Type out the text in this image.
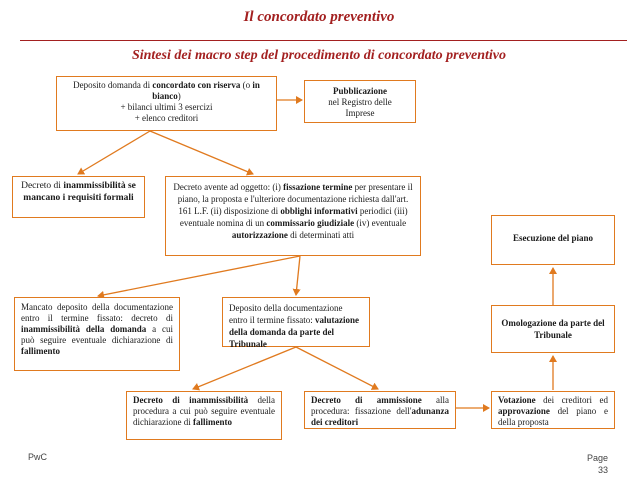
Il concordato preventivo
Sintesi dei macro step del procedimento di concordato preventivo
Deposito domanda di concordato con riserva (o in bianco)
+ bilanci ultimi 3 esercizi
+ elenco creditori
Pubblicazione
nel Registro delle
Imprese
Decreto di inammissibilità se mancano i requisiti formali
Decreto avente ad oggetto: (i) fissazione termine per presentare il piano, la proposta e l'ulteriore documentazione richiesta dall'art. 161 L.F. (ii) disposizione di obblighi informativi periodici (iii) eventuale nomina di un commissario giudiziale (iv) eventuale autorizzazione di determinati atti	Esecuzione del piano
Mancato deposito della documentazione entro il termine fissato: decreto di inammissibilità della domanda a cui può seguire eventuale dichiarazione di fallimento
Deposito della documentazione entro il termine fissato: valutazione della domanda da parte del Tribunale
Omologazione da parte del Tribunale
Decreto di inammissibilità della procedura a cui può seguire eventuale dichiarazione di fallimento
Decreto di ammissione alla procedura: fissazione dell'adunanza dei creditori
Votazione dei creditori ed approvazione del piano e della proposta
PwC	Page
33
